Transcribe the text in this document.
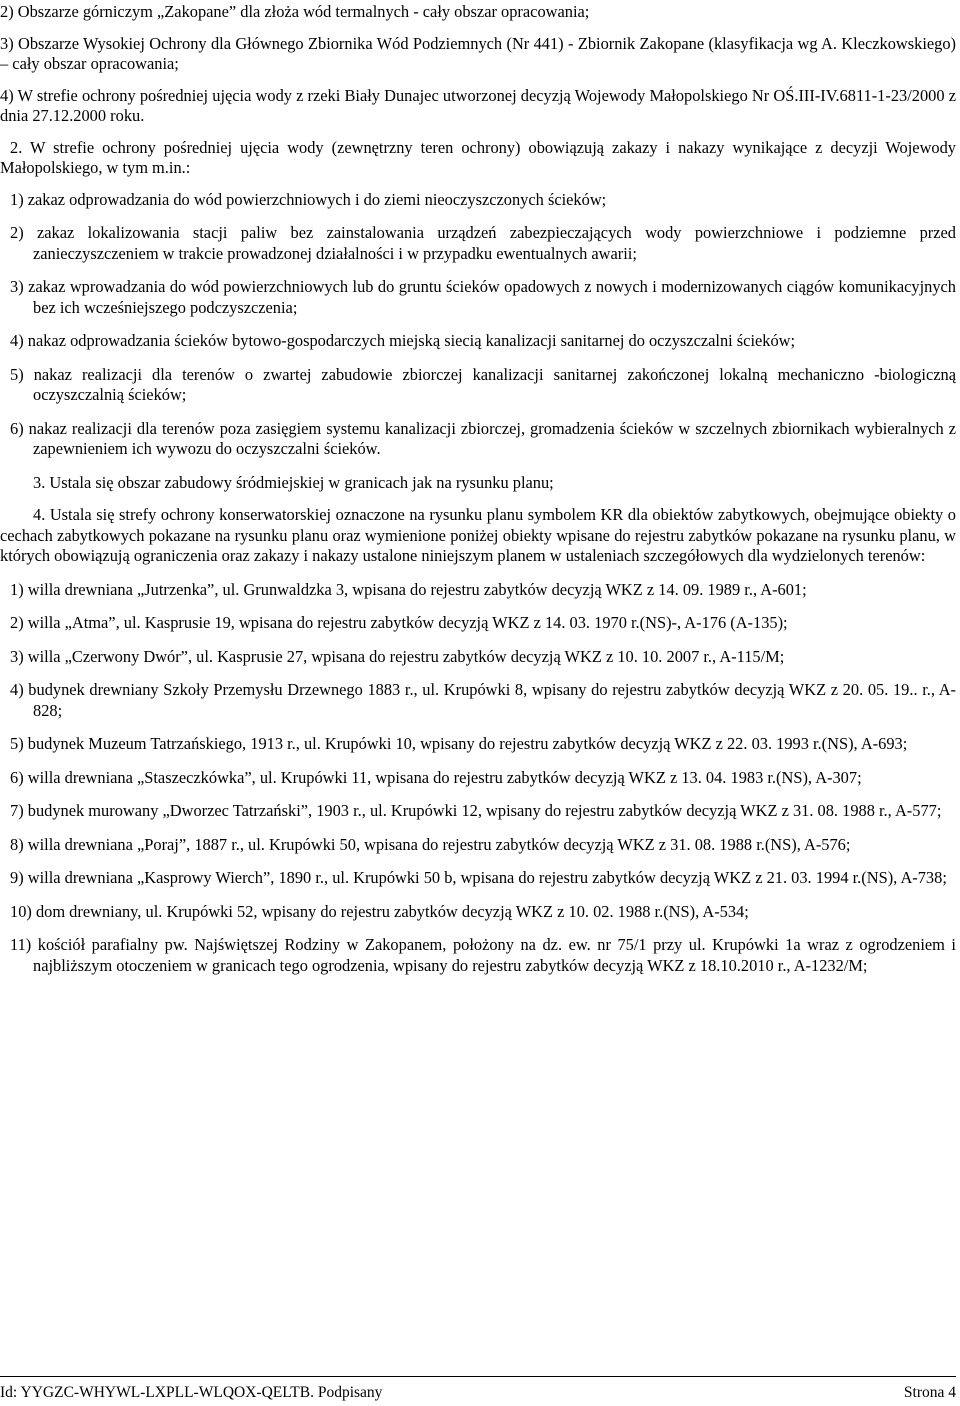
2) Obszarze górniczym „Zakopane” dla złoża wód termalnych - cały obszar opracowania;

3) Obszarze Wysokiej Ochrony dla Głównego Zbiornika Wód Podziemnych (Nr 441) - Zbiornik Zakopane (klasyfikacja wg A. Kleczkowskiego) – cały obszar opracowania;

4) W strefie ochrony pośredniej ujęcia wody z rzeki Biały Dunajec utworzonej decyzją Wojewody Małopolskiego Nr OŚ.III-IV.6811-1-23/2000 z dnia 27.12.2000 roku.

2. W strefie ochrony pośredniej ujęcia wody (zewnętrzny teren ochrony) obowiązują zakazy i nakazy wynikające z decyzji Wojewody Małopolskiego, w tym m.in.:

1) zakaz odprowadzania do wód powierzchniowych i do ziemi nieoczyszczonych ścieków;

2) zakaz lokalizowania stacji paliw bez zainstalowania urządzeń zabezpieczających wody powierzchniowe i podziemne przed zanieczyszczeniem w trakcie prowadzonej działalności i w przypadku ewentualnych awarii;

3) zakaz wprowadzania do wód powierzchniowych lub do gruntu ścieków opadowych z nowych i modernizowanych ciągów komunikacyjnych bez ich wcześniejszego podczyszczenia;

4) nakaz odprowadzania ścieków bytowo-gospodarczych miejską siecią kanalizacji sanitarnej do oczyszczalni ścieków;

5) nakaz realizacji dla terenów o zwartej zabudowie zbiorczej kanalizacji sanitarnej zakończonej lokalną mechaniczno -biologiczną oczyszczalnią ścieków;

6) nakaz realizacji dla terenów poza zasięgiem systemu kanalizacji zbiorczej, gromadzenia ścieków w szczelnych zbiornikach wybieralnych z zapewnieniem ich wywozu do oczyszczalni ścieków.

3. Ustala się obszar zabudowy śródmiejskiej w granicach jak na rysunku planu;

4. Ustala się strefy ochrony konserwatorskiej oznaczone na rysunku planu symbolem KR dla obiektów zabytkowych, obejmujące obiekty o cechach zabytkowych pokazane na rysunku planu oraz wymienione poniżej obiekty wpisane do rejestru zabytków pokazane na rysunku planu, w których obowiązują ograniczenia oraz zakazy i nakazy ustalone niniejszym planem w ustaleniach szczegółowych dla wydzielonych terenów:

1) willa drewniana „Jutrzenka”, ul. Grunwaldzka 3, wpisana do rejestru zabytków decyzją WKZ z 14. 09. 1989 r., A-601;

2) willa „Atma”, ul. Kasprusie 19, wpisana do rejestru zabytków decyzją WKZ z 14. 03. 1970 r.(NS)-, A-176 (A-135);

3) willa „Czerwony Dwór”, ul. Kasprusie 27, wpisana do rejestru zabytków decyzją WKZ z 10. 10. 2007 r., A-115/M;

4) budynek drewniany Szkoły Przemysłu Drzewnego 1883 r., ul. Krupówki 8, wpisany do rejestru zabytków decyzją WKZ z 20. 05. 19.. r., A-828;

5) budynek Muzeum Tatrzańskiego, 1913 r., ul. Krupówki 10, wpisany do rejestru zabytków decyzją WKZ z 22. 03. 1993 r.(NS), A-693;

6) willa drewniana „Staszeczkówka”, ul. Krupówki 11, wpisana do rejestru zabytków decyzją WKZ z 13. 04. 1983 r.(NS), A-307;

7) budynek murowany „Dworzec Tatrzański”, 1903 r., ul. Krupówki 12, wpisany do rejestru zabytków decyzją WKZ z 31. 08. 1988 r., A-577;

8) willa drewniana „Poraj”, 1887 r., ul. Krupówki 50, wpisana do rejestru zabytków decyzją WKZ z 31. 08. 1988 r.(NS), A-576;

9) willa drewniana „Kasprowy Wierch”, 1890 r., ul. Krupówki 50 b, wpisana do rejestru zabytków decyzją WKZ z 21. 03. 1994 r.(NS), A-738;

10) dom drewniany, ul. Krupówki 52, wpisany do rejestru zabytków decyzją WKZ z 10. 02. 1988 r.(NS), A-534;

11) kościół parafialny pw. Najświętszej Rodziny w Zakopanem, położony na dz. ew. nr 75/1 przy ul. Krupówki 1a wraz z ogrodzeniem i najbliższym otoczeniem w granicach tego ogrodzenia, wpisany do rejestru zabytków decyzją WKZ z 18.10.2010 r., A-1232/M;

Id: YYGZC-WHYWL-LXPLL-WLQOX-QELTB. Podpisany	Strona 4
